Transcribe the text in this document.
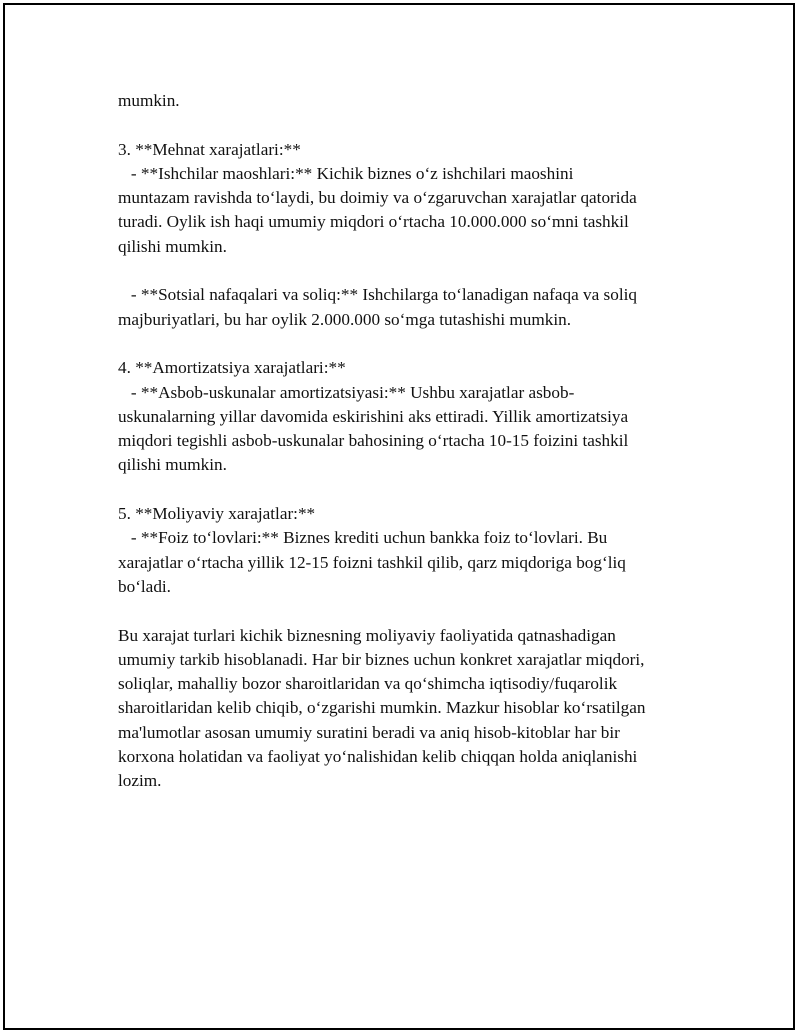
mumkin.

3. **Mehnat xarajatlari:**
- **Ishchilar maoshlari:** Kichik biznes o‘z ishchilari maoshini
muntazam ravishda to‘laydi, bu doimiy va o‘zgaruvchan xarajatlar qatorida
turadi. Oylik ish haqi umumiy miqdori o‘rtacha 10.000.000 so‘mni tashkil
qilishi mumkin.

- **Sotsial nafaqalari va soliq:** Ishchilarga to‘lanadigan nafaqa va soliq
majburiyatlari, bu har oylik 2.000.000 so‘mga tutashishi mumkin.

4. **Amortizatsiya xarajatlari:**
- **Asbob-uskunalar amortizatsiyasi:** Ushbu xarajatlar asbob-
uskunalarning yillar davomida eskirishini aks ettiradi. Yillik amortizatsiya
miqdori tegishli asbob-uskunalar bahosining o‘rtacha 10-15 foizini tashkil
qilishi mumkin.

5. **Moliyaviy xarajatlar:**
- **Foiz to‘lovlari:** Biznes krediti uchun bankka foiz to‘lovlari. Bu
xarajatlar o‘rtacha yillik 12-15 foizni tashkil qilib, qarz miqdoriga bog‘liq
bo‘ladi.

Bu xarajat turlari kichik biznesning moliyaviy faoliyatida qatnashadigan
umumiy tarkib hisoblanadi. Har bir biznes uchun konkret xarajatlar miqdori,
soliqlar, mahalliy bozor sharoitlaridan va qo‘shimcha iqtisodiy/fuqarolik
sharoitlaridan kelib chiqib, o‘zgarishi mumkin. Mazkur hisoblar ko‘rsatilgan
ma'lumotlar asosan umumiy suratini beradi va aniq hisob-kitoblar har bir
korxona holatidan va faoliyat yo‘nalishidan kelib chiqqan holda aniqlanishi
lozim.
